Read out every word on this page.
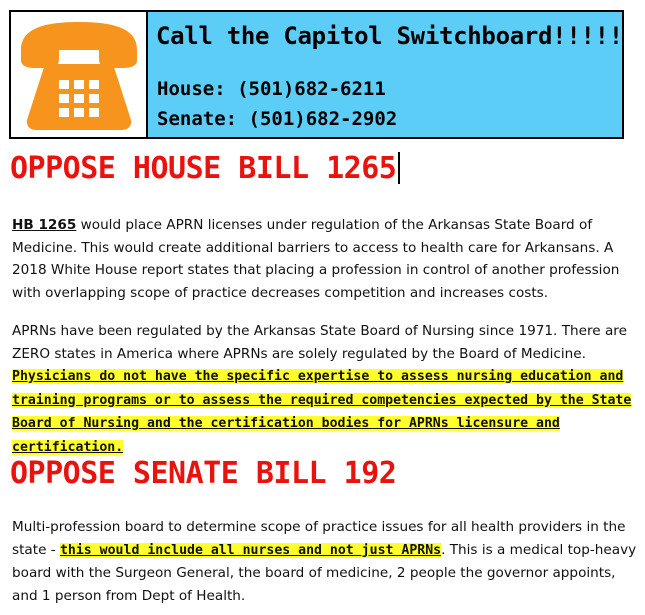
Call the Capitol Switchboard!!!!!
House: (501)682-6211
Senate: (501)682-2902
OPPOSE HOUSE BILL 1265

HB 1265 would place APRN licenses under regulation of the Arkansas State Board of Medicine. This would create additional barriers to access to health care for Arkansans. A 2018 White House report states that placing a profession in control of another profession with overlapping scope of practice decreases competition and increases costs.

APRNs have been regulated by the Arkansas State Board of Nursing since 1971. There are ZERO states in America where APRNs are solely regulated by the Board of Medicine. Physicians do not have the specific expertise to assess nursing education and training programs or to assess the required competencies expected by the State Board of Nursing and the certification bodies for APRNs licensure and certification.

OPPOSE SENATE BILL 192

Multi-profession board to determine scope of practice issues for all health providers in the state - this would include all nurses and not just APRNs. This is a medical top-heavy board with the Surgeon General, the board of medicine, 2 people the governor appoints, and 1 person from Dept of Health.
